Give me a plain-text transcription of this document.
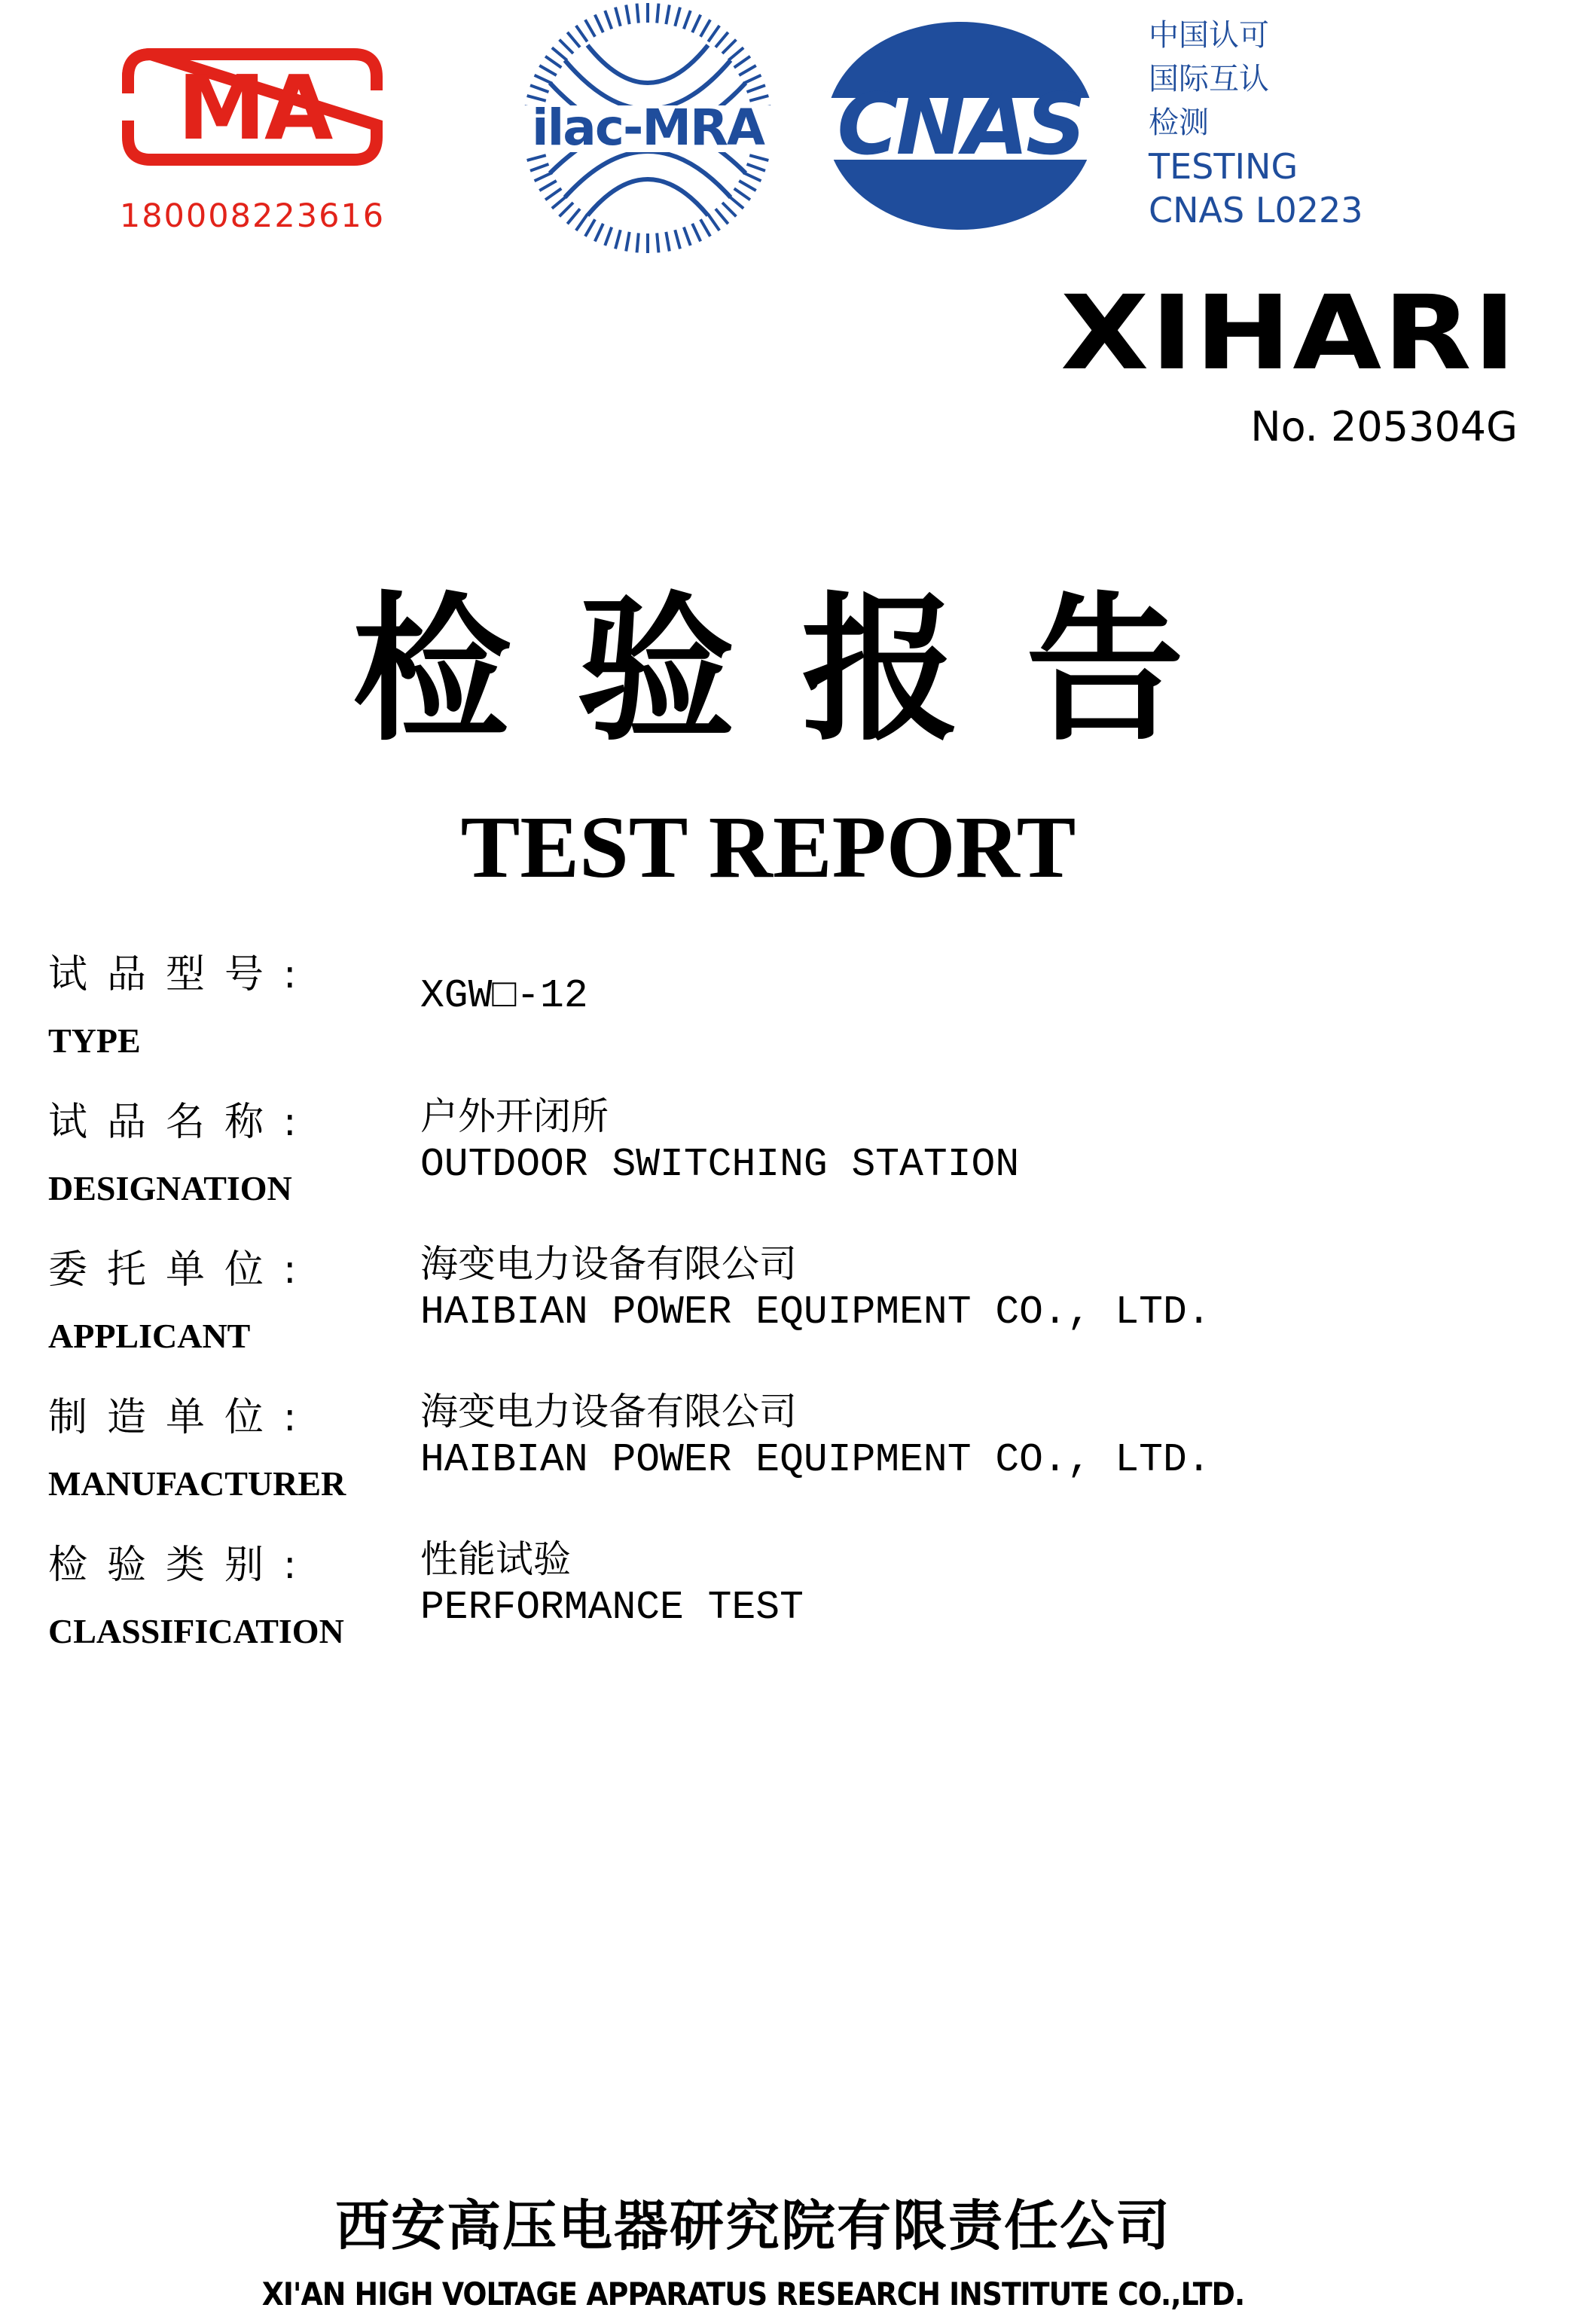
MA
180008223616
ilac-MRA CNAS
中国认可
国际互认
检测
TESTING
CNAS L0223
XIHARI
No. 205304G
检验报告
TEST REPORT
试品型号:
TYPE
XGW□-12
试品名称:
DESIGNATION
户外开闭所
OUTDOOR SWITCHING STATION
委托单位:
APPLICANT
海变电力设备有限公司
HAIBIAN POWER EQUIPMENT CO., LTD.
制造单位:
MANUFACTURER
海变电力设备有限公司
HAIBIAN POWER EQUIPMENT CO., LTD.
检验类别:
CLASSIFICATION
性能试验
PERFORMANCE TEST
西安高压电器研究院有限责任公司
XI'AN HIGH VOLTAGE APPARATUS RESEARCH INSTITUTE CO.,LTD.
